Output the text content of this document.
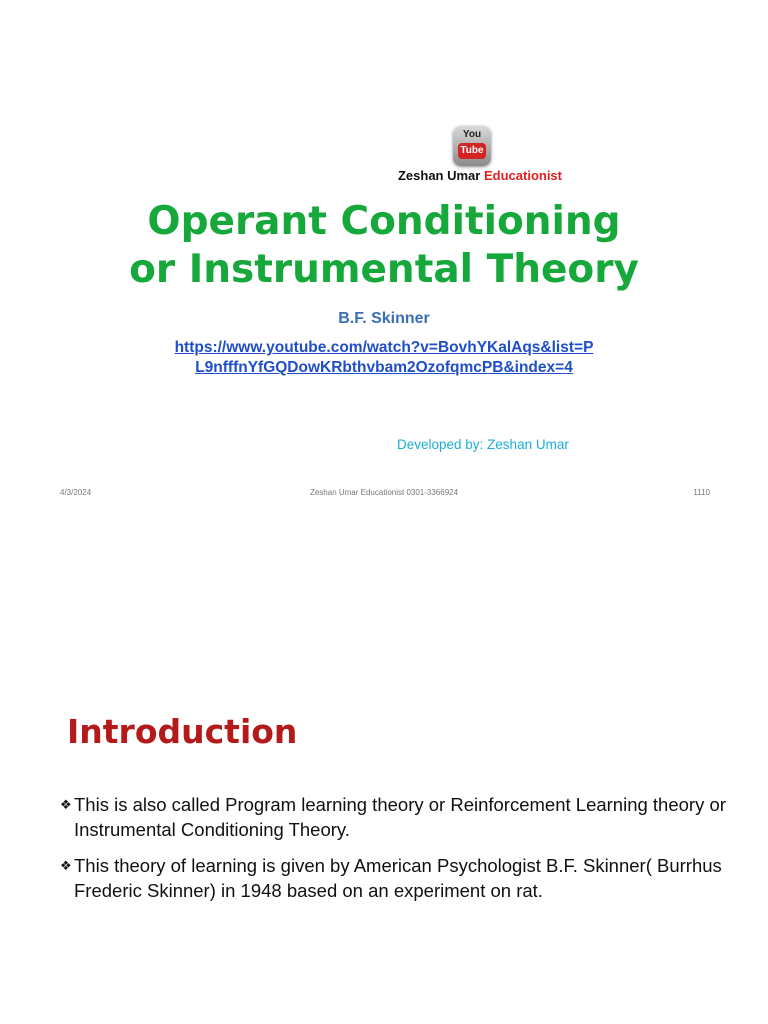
You
Tube
Zeshan Umar Educationist
Operant Conditioning
or Instrumental Theory
B.F. Skinner
https://www.youtube.com/watch?v=BovhYKalAqs&list=PL9nfffnYfGQDowKRbthvbam2OzofqmcPB&index=4
Developed by: Zeshan Umar
4/3/2024	Zeshan Umar Educationist 0301-3366924	1110
Introduction
❖ This is also called Program learning theory or Reinforcement Learning theory or Instrumental Conditioning Theory.
❖ This theory of learning is given by American Psychologist B.F. Skinner( Burrhus Frederic Skinner) in 1948 based on an experiment on rat.
